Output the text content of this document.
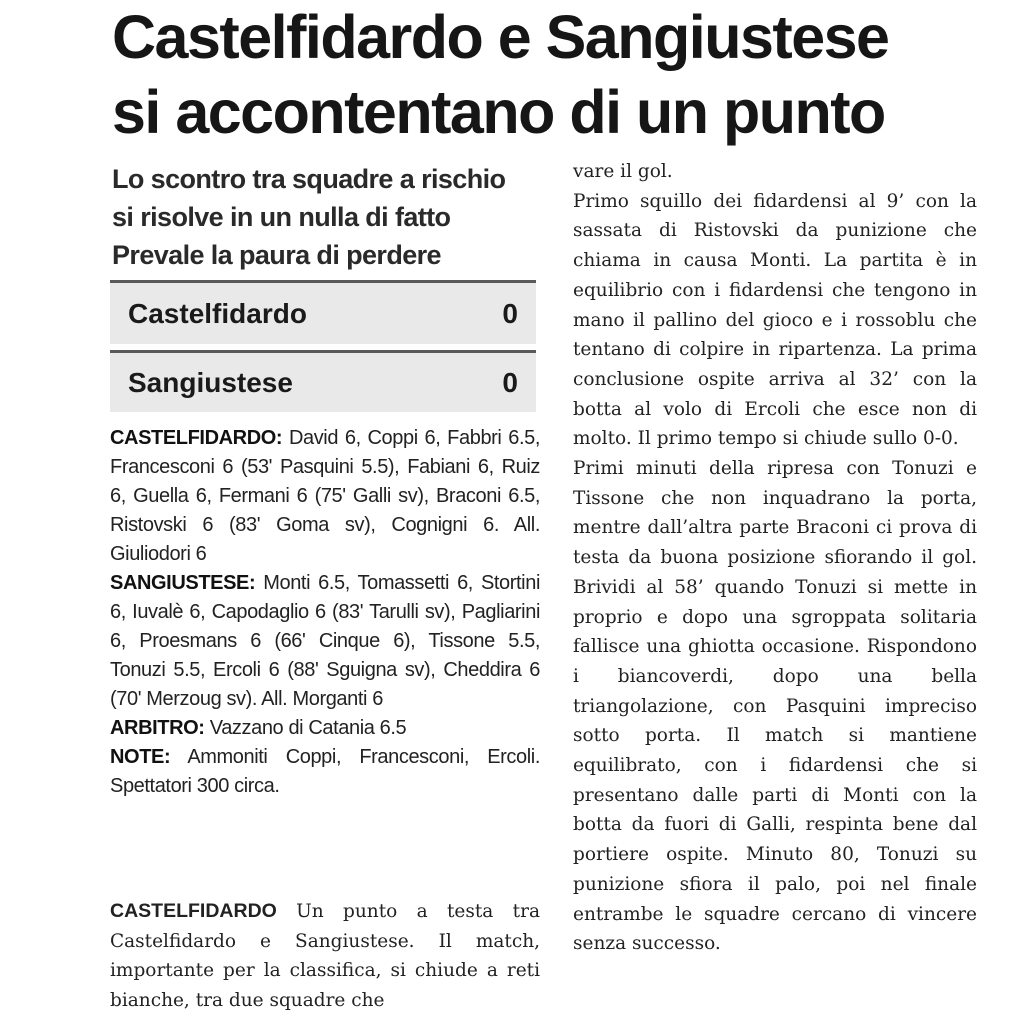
Castelfidardo e Sangiustese
si accontentano di un punto
Lo scontro tra squadre a rischio
si risolve in un nulla di fatto
Prevale la paura di perdere
Castelfidardo	0
Sangiustese	0

CASTELFIDARDO: David 6, Coppi 6, Fabbri 6.5, Francesconi 6 (53' Pasquini 5.5), Fabiani 6, Ruiz 6, Guella 6, Fermani 6 (75' Galli sv), Braconi 6.5, Ristovski 6 (83' Goma sv), Cognigni 6. All. Giuliodori 6

SANGIUSTESE: Monti 6.5, Tomassetti 6, Stortini 6, Iuvalè 6, Capodaglio 6 (83' Tarulli sv), Pagliarini 6, Proesmans 6 (66' Cinque 6), Tissone 5.5, Tonuzi 5.5, Ercoli 6 (88' Sguigna sv), Cheddira 6 (70' Merzoug sv). All. Morganti 6

ARBITRO: Vazzano di Catania 6.5

NOTE: Ammoniti Coppi, Francesconi, Ercoli. Spettatori 300 circa.

CASTELFIDARDO Un punto a testa tra Castelfidardo e Sangiustese. Il match, importante per la classifica, si chiude a reti bianche, tra due squadre che

vare il gol.

Primo squillo dei fidardensi al 9’ con la sassata di Ristovski da punizione che chiama in causa Monti. La partita è in equilibrio con i fidardensi che tengono in mano il pallino del gioco e i rossoblu che tentano di colpire in ripartenza. La prima conclusione ospite arriva al 32’ con la botta al volo di Ercoli che esce non di molto. Il primo tempo si chiude sullo 0-0.

Primi minuti della ripresa con Tonuzi e Tissone che non inquadrano la porta, mentre dall’altra parte Braconi ci prova di testa da buona posizione sfiorando il gol. Brividi al 58’ quando Tonuzi si mette in proprio e dopo una sgroppata solitaria fallisce una ghiotta occasione. Rispondono i biancoverdi, dopo una bella triangolazione, con Pasquini impreciso sotto porta. Il match si mantiene equilibrato, con i fidardensi che si presentano dalle parti di Monti con la botta da fuori di Galli, respinta bene dal portiere ospite. Minuto 80, Tonuzi su punizione sfiora il palo, poi nel finale entrambe le squadre cercano di vincere senza successo.
